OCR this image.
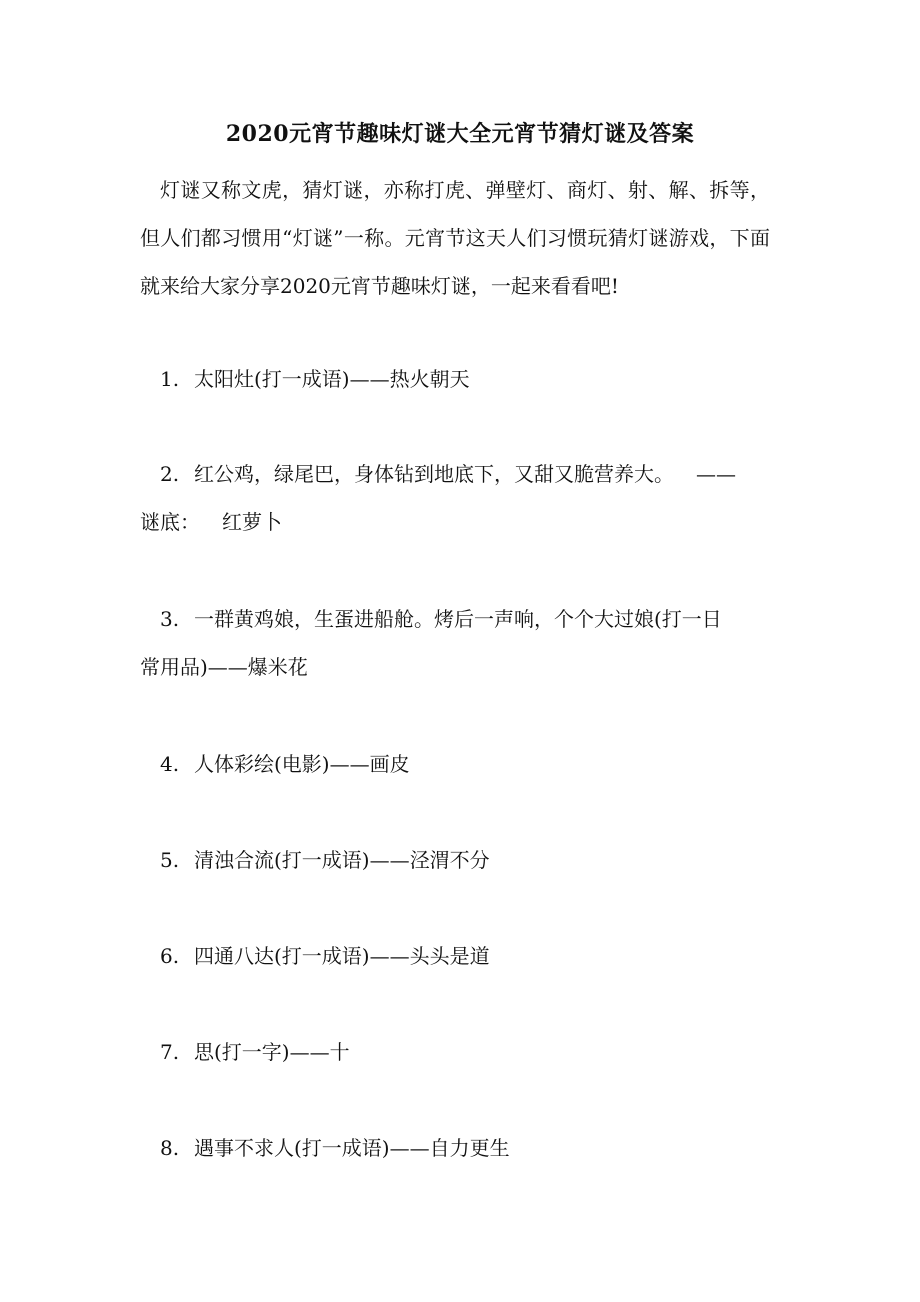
2020元宵节趣味灯谜大全元宵节猜灯谜及答案
灯谜又称文虎，猜灯谜，亦称打虎、弹壁灯、商灯、射、解、拆等，但人们都习惯用“灯谜”一称。元宵节这天人们习惯玩猜灯谜游戏，下面就来给大家分享2020元宵节趣味灯谜，一起来看看吧!
1. 太阳灶(打一成语)——热火朝天
2. 红公鸡，绿尾巴，身体钻到地底下，又甜又脆营养大。 ——
谜底： 红萝卜
3. 一群黄鸡娘，生蛋进船舱。烤后一声响，个个大过娘(打一日
常用品)——爆米花
4. 人体彩绘(电影)——画皮
5. 清浊合流(打一成语)——泾渭不分
6. 四通八达(打一成语)——头头是道
7. 思(打一字)——十
8. 遇事不求人(打一成语)——自力更生
